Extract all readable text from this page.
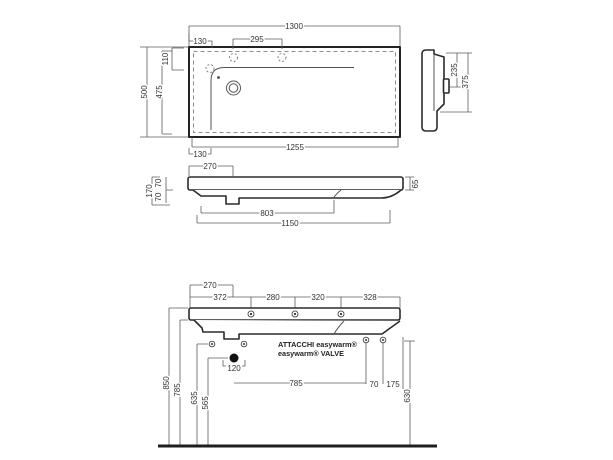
1300
130	295
110
475
500
1255
130
235
375
270
170
70
70
65
803
1150
270
372	280	320	328
ATTACCHI easywarm®
easywarm® VALVE
120
785	70 175
850
785
635 565
630
